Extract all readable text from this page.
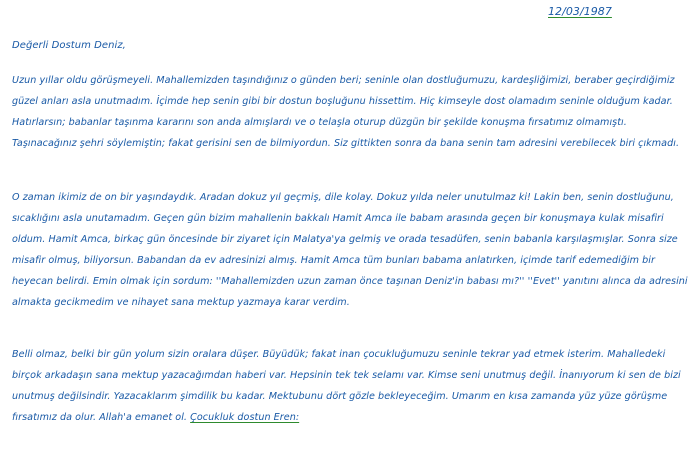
12/03/1987
Değerli Dostum Deniz,

Uzun yıllar oldu görüşmeyeli. Mahallemizden taşındığınız o günden beri; seninle olan dostluğumuzu, kardeşliğimizi, beraber geçirdiğimiz güzel anları asla unutmadım. İçimde hep senin gibi bir dostun boşluğunu hissettim. Hiç kimseyle dost olamadım seninle olduğum kadar. Hatırlarsın; babanlar taşınma kararını son anda almışlardı ve o telaşla oturup düzgün bir şekilde konuşma fırsatımız olmamıştı. Taşınacağınız şehri söylemiştin; fakat gerisini sen de bilmiyordun. Siz gittikten sonra da bana senin tam adresini verebilecek biri çıkmadı.

O zaman ikimiz de on bir yaşındaydık. Aradan dokuz yıl geçmiş, dile kolay. Dokuz yılda neler unutulmaz ki! Lakin ben, senin dostluğunu, sıcaklığını asla unutamadım. Geçen gün bizim mahallenin bakkalı Hamit Amca ile babam arasında geçen bir konuşmaya kulak misafiri oldum. Hamit Amca, birkaç gün öncesinde bir ziyaret için Malatya'ya gelmiş ve orada tesadüfen, senin babanla karşılaşmışlar. Sonra size misafir olmuş, biliyorsun. Babandan da ev adresinizi almış. Hamit Amca tüm bunları babama anlatırken, içimde tarif edemediğim bir heyecan belirdi. Emin olmak için sordum: ''Mahallemizden uzun zaman önce taşınan Deniz'in babası mı?'' ''Evet'' yanıtını alınca da adresini almakta gecikmedim ve nihayet sana mektup yazmaya karar verdim.

Belli olmaz, belki bir gün yolum sizin oralara düşer. Büyüdük; fakat inan çocukluğumuzu seninle tekrar yad etmek isterim. Mahalledeki birçok arkadaşın sana mektup yazacağımdan haberi var. Hepsinin tek tek selamı var. Kimse seni unutmuş değil. İnanıyorum ki sen de bizi unutmuş değilsindir. Yazacaklarım şimdilik bu kadar. Mektubunu dört gözle bekleyeceğim. Umarım en kısa zamanda yüz yüze görüşme fırsatımız da olur. Allah'a emanet ol. Çocukluk dostun Eren:
